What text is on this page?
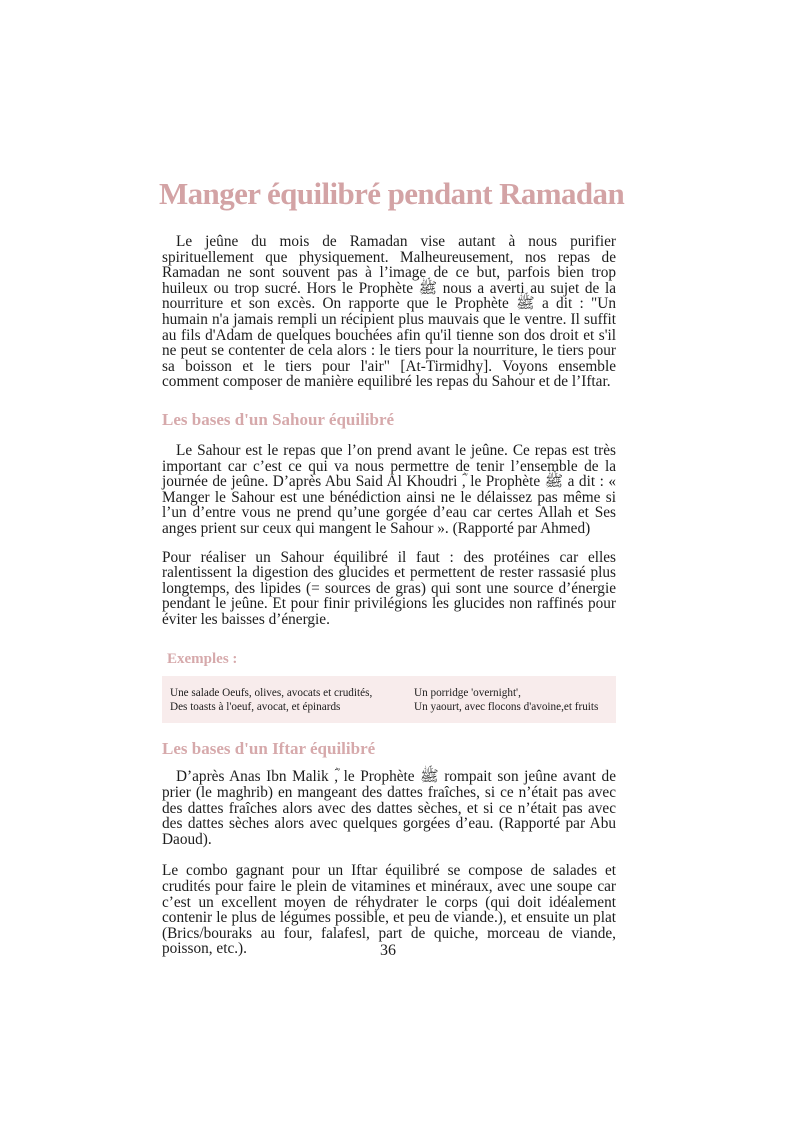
Manger équilibré pendant Ramadan

Le jeûne du mois de Ramadan vise autant à nous purifier spirituellement que physiquement. Malheureusement, nos repas de Ramadan ne sont souvent pas à l’image de ce but, parfois bien trop huileux ou trop sucré. Hors le Prophète ﷺ nous a averti au sujet de la nourriture et son excès. On rapporte que le Prophète ﷺ a dit : "Un humain n'a jamais rempli un récipient plus mauvais que le ventre. Il suffit au fils d'Adam de quelques bouchées afin qu'il tienne son dos droit et s'il ne peut se contenter de cela alors : le tiers pour la nourriture, le tiers pour sa boisson et le tiers pour l'air" [At-Tirmidhy]. Voyons ensemble comment composer de manière equilibré les repas du Sahour et de l’Iftar.

Les bases d'un Sahour équilibré

Le Sahour est le repas que l’on prend avant le jeûne. Ce repas est très important car c’est ce qui va nous permettre de tenir l’ensemble de la journée de jeûne. D’après Abu Said Al Khoudri ؓ, le Prophète ﷺ a dit : « Manger le Sahour est une bénédiction ainsi ne le délaissez pas même si l’un d’entre vous ne prend qu’une gorgée d’eau car certes Allah et Ses anges prient sur ceux qui mangent le Sahour ». (Rapporté par Ahmed)

Pour réaliser un Sahour équilibré il faut : des protéines car elles ralentissent la digestion des glucides et permettent de rester rassasié plus longtemps, des lipides (= sources de gras) qui sont une source d’énergie pendant le jeûne. Et pour finir privilégions les glucides non raffinés pour éviter les baisses d’énergie.

Exemples :
Une salade Oeufs, olives, avocats et crudités,
Des toasts à l'oeuf, avocat, et épinards
Un porridge 'overnight',
Un yaourt, avec flocons d'avoine,et fruits
Les bases d'un Iftar équilibré

D’après Anas Ibn Malik ؓ, le Prophète ﷺ rompait son jeûne avant de prier (le maghrib) en mangeant des dattes fraîches, si ce n’était pas avec des dattes fraîches alors avec des dattes sèches, et si ce n’était pas avec des dattes sèches alors avec quelques gorgées d’eau. (Rapporté par Abu Daoud).

Le combo gagnant pour un Iftar équilibré se compose de salades et crudités pour faire le plein de vitamines et minéraux, avec une soupe car c’est un excellent moyen de réhydrater le corps (qui doit idéalement contenir le plus de légumes possible, et peu de viande.), et ensuite un plat (Brics/bouraks au four, falafesl, part de quiche, morceau de viande, poisson, etc.).	36
